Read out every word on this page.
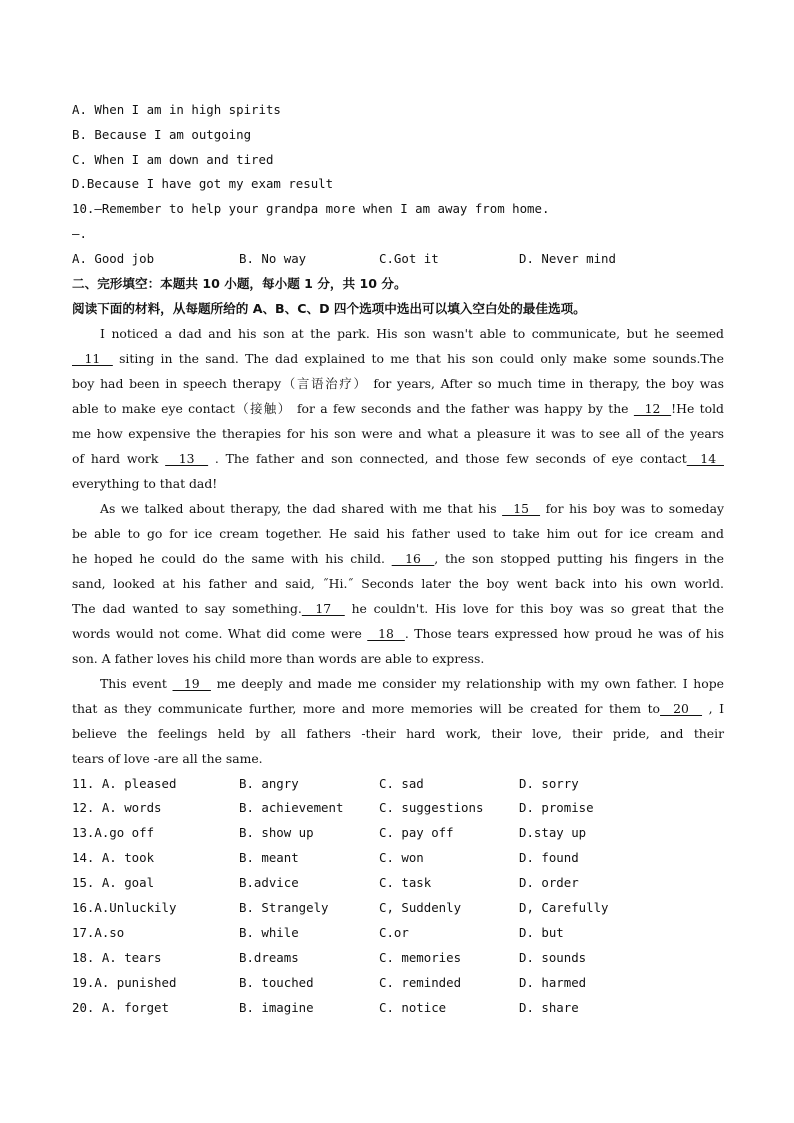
A. When I am in high spirits
B. Because I am outgoing
C. When I am down and tired
D.Because I have got my exam result
10.—Remember to help your grandpa more when I am away from home.
—.
A. Good job	B. No way	C.Got it	D. Never mind
二、完形填空：本题共 10 小题，每小题 1 分，共 10 分。
阅读下面的材料，从每题所给的 A、B、C、D 四个选项中选出可以填入空白处的最佳选项。
I noticed a dad and his son at the park. His son wasn't able to communicate, but he seemed
11   siting in the sand. The dad explained to me that his son could only make some sounds.The
boy had been in speech therapy（言语治疗） for years, After so much time in therapy, the boy was
able to make eye contact（接触） for a few seconds and the father was happy by the   12  !He told
me how expensive the therapies for his son were and what a pleasure it was to see all of the years
of hard work   13   . The father and son connected, and those few seconds of eye contact  14
everything to that dad!
As we talked about therapy, the dad shared with me that his   15   for his boy was to someday
be able to go for ice cream together. He said his father used to take him out for ice cream and
he hoped he could do the same with his child.   16  , the son stopped putting his fingers in the
sand, looked at his father and said, ˝Hi.˝ Seconds later the boy went back into his own world.
The dad wanted to say something.  17   he couldn't. His love for this boy was so great that the
words would not come. What did come were   18  . Those tears expressed how proud he was of his
son. A father loves his child more than words are able to express.
This event   19   me deeply and made me consider my relationship with my own father. I hope
that as they communicate further, more and more memories will be created for them to  20   , I
believe the feelings held by all fathers -their hard work, their love, their pride, and their
tears of love -are all the same.
11. A. pleased	B. angry	C. sad	D. sorry
12. A. words	B. achievement	C. suggestions	D. promise
13.A.go off	B. show up	C. pay off	D.stay up
14. A. took	B. meant	C. won	D. found
15. A. goal	B.advice	C. task	D. order
16.A.Unluckily	B. Strangely	C, Suddenly	D, Carefully
17.A.so	B. while	C.or	D. but
18. A. tears	B.dreams	C. memories	D. sounds
19.A. punished	B. touched	C. reminded	D. harmed
20. A. forget	B. imagine	C. notice	D. share
